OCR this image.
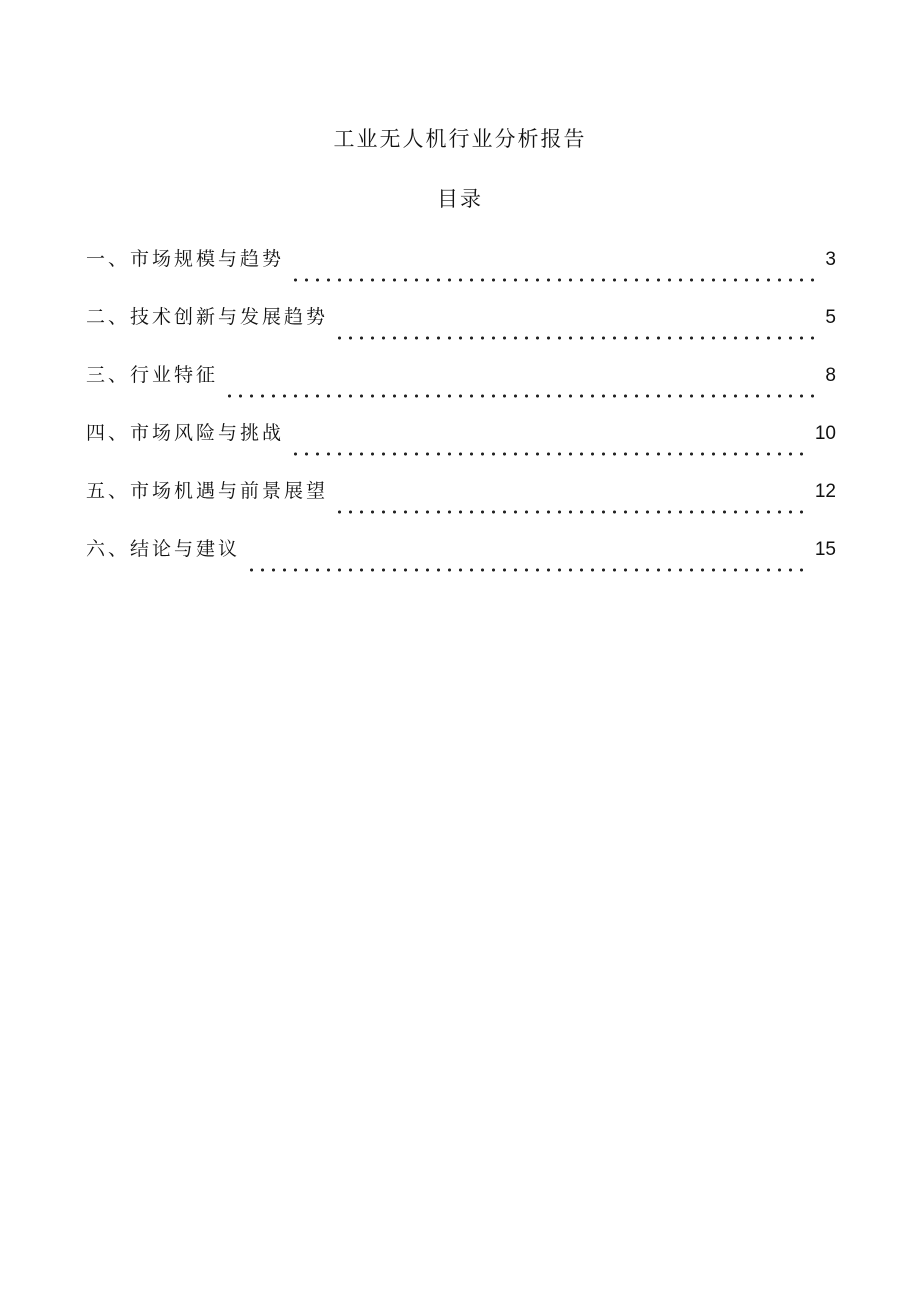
工业无人机行业分析报告
目录
一、市场规模与趋势	3
二、技术创新与发展趋势	5
三、行业特征	8
四、市场风险与挑战	10
五、市场机遇与前景展望	12
六、结论与建议	15
